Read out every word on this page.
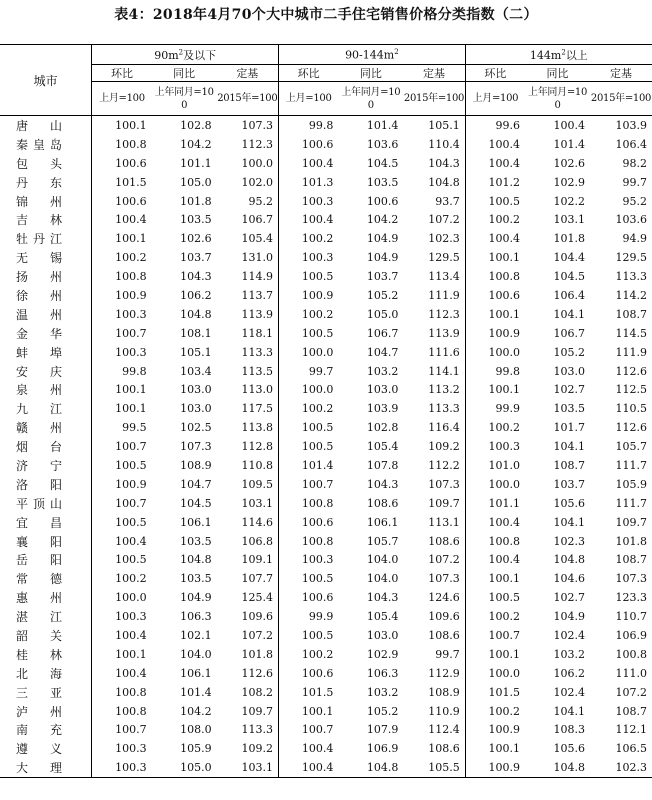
表4：2018年4月70个大中城市二手住宅销售价格分类指数（二）
城市	$90m^2$及以下			$90-144m^2$			$144m^2$以上		
	环比	同比	定基	环比	同比	定基	环比	同比	定基
	上月=100	上年同月=100	2015年=100	上月=100	上年同月=100	2015年=100	上月=100	上年同月=100	2015年=100

唐 山	100.1	102.8	107.3	99.8	101.4	105.1	99.6	100.4	103.9

秦 皇 岛	100.8	104.2	112.3	100.6	103.6	110.4	100.4	101.4	106.4

包 头	100.6	101.1	100.0	100.4	104.5	104.3	100.4	102.6	98.2

丹 东	101.5	105.0	102.0	101.3	103.5	104.8	101.2	102.9	99.7

锦 州	100.6	101.8	95.2	100.3	100.6	93.7	100.5	102.2	95.2

吉 林	100.4	103.5	106.7	100.4	104.2	107.2	100.2	103.1	103.6

牡 丹 江	100.1	102.6	105.4	100.2	104.9	102.3	100.4	101.8	94.9

无 锡	100.2	103.7	131.0	100.3	104.9	129.5	100.1	104.4	129.5

扬 州	100.8	104.3	114.9	100.5	103.7	113.4	100.8	104.5	113.3

徐 州	100.9	106.2	113.7	100.9	105.2	111.9	100.6	106.4	114.2

温 州	100.3	104.8	113.9	100.2	105.0	112.3	100.1	104.1	108.7

金 华	100.7	108.1	118.1	100.5	106.7	113.9	100.9	106.7	114.5

蚌 埠	100.3	105.1	113.3	100.0	104.7	111.6	100.0	105.2	111.9

安 庆	99.8	103.4	113.5	99.7	103.2	114.1	99.8	103.0	112.6

泉 州	100.1	103.0	113.0	100.0	103.0	113.2	100.1	102.7	112.5

九 江	100.1	103.0	117.5	100.2	103.9	113.3	99.9	103.5	110.5

赣 州	99.5	102.5	113.8	100.5	102.8	116.4	100.2	101.7	112.6

烟 台	100.7	107.3	112.8	100.5	105.4	109.2	100.3	104.1	105.7

济 宁	100.5	108.9	110.8	101.4	107.8	112.2	101.0	108.7	111.7

洛 阳	100.9	104.7	109.5	100.7	104.3	107.3	100.0	103.7	105.9

平 顶 山	100.7	104.5	103.1	100.8	108.6	109.7	101.1	105.6	111.7

宜 昌	100.5	106.1	114.6	100.6	106.1	113.1	100.4	104.1	109.7

襄 阳	100.4	103.5	106.8	100.8	105.7	108.6	100.8	102.3	101.8

岳 阳	100.5	104.8	109.1	100.3	104.0	107.2	100.4	104.8	108.7

常 德	100.2	103.5	107.7	100.5	104.0	107.3	100.1	104.6	107.3

惠 州	100.0	104.9	125.4	100.6	104.3	124.6	100.5	102.7	123.3

湛 江	100.3	106.3	109.6	99.9	105.4	109.6	100.2	104.9	110.7

韶 关	100.4	102.1	107.2	100.5	103.0	108.6	100.7	102.4	106.9

桂 林	100.1	104.0	101.8	100.2	102.9	99.7	100.1	103.2	100.8

北 海	100.4	106.1	112.6	100.6	106.3	112.9	100.0	106.2	111.0

三 亚	100.8	101.4	108.2	101.5	103.2	108.9	101.5	102.4	107.2

泸 州	100.8	104.2	109.7	100.1	105.2	110.9	100.2	104.1	108.7

南 充	100.7	108.0	113.3	100.7	107.9	112.4	100.9	108.3	112.1

遵 义	100.3	105.9	109.2	100.4	106.9	108.6	100.1	105.6	106.5

大 理	100.3	105.0	103.1	100.4	104.8	105.5	100.9	104.8	102.3
